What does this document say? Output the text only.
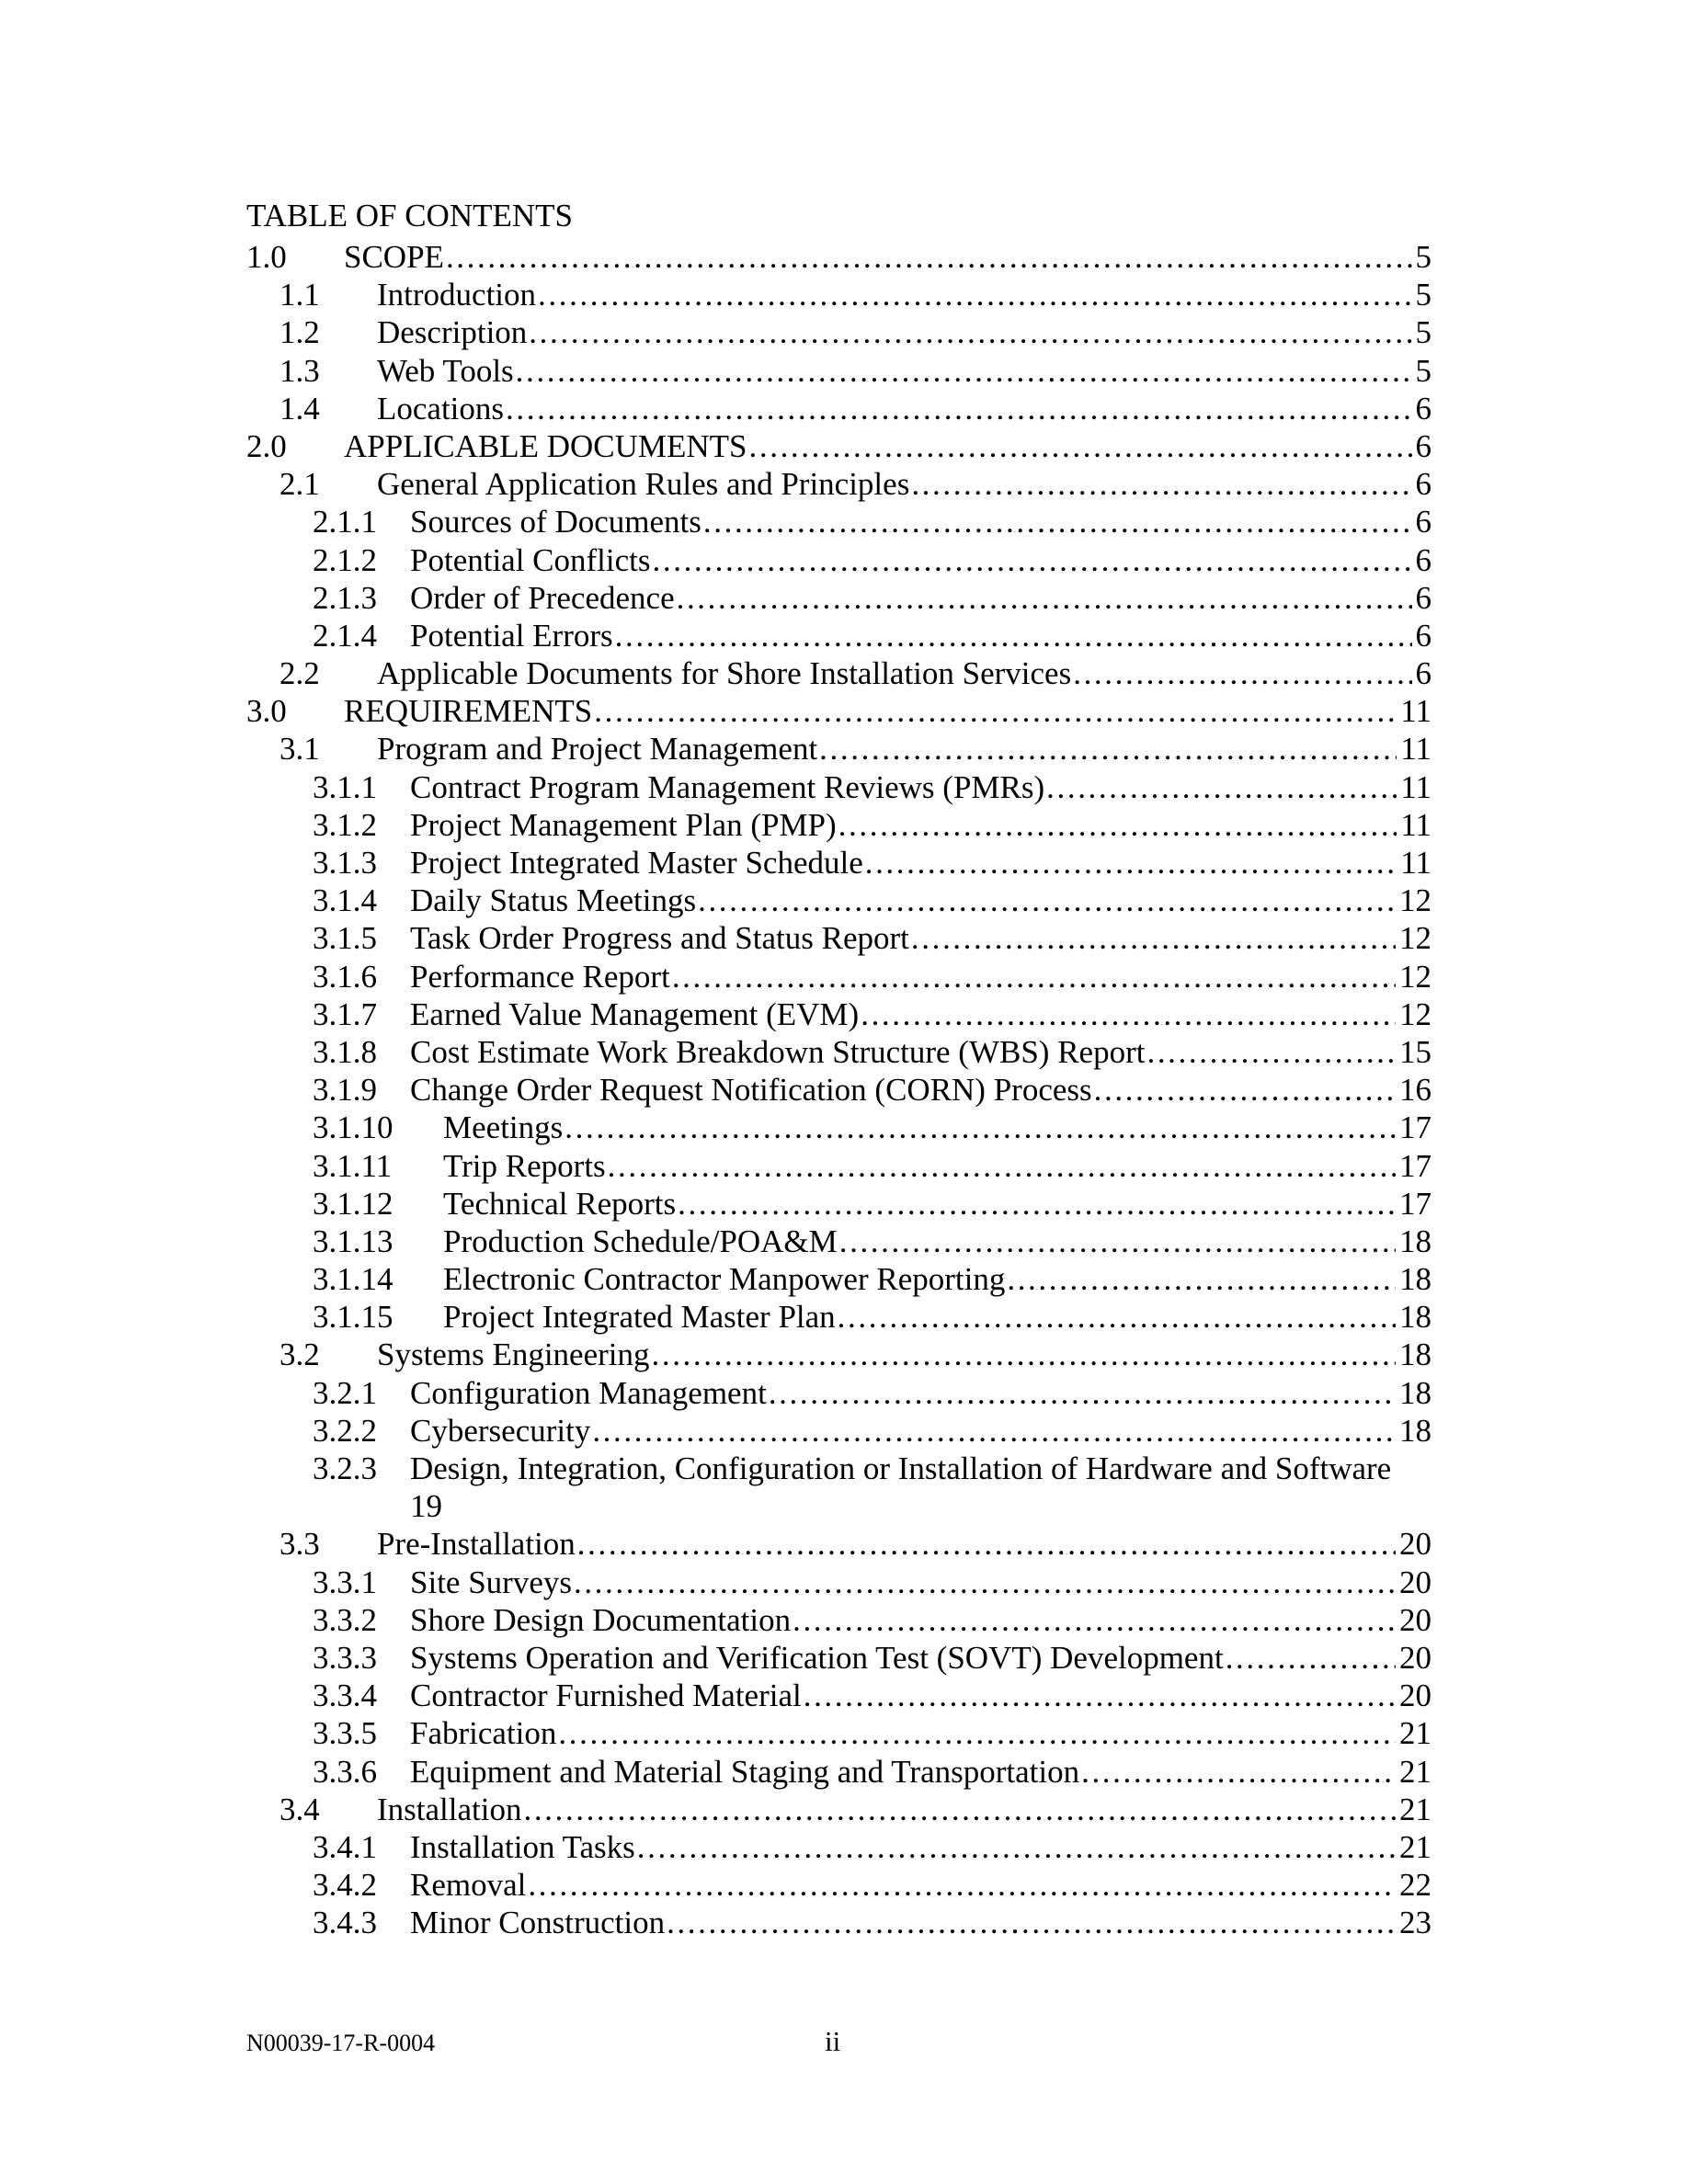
TABLE OF CONTENTS
1.0 SCOPE .....	5
1.1 Introduction .....	5
1.2 Description .....	5
1.3 Web Tools .....	5
1.4 Locations .....	6
2.0 APPLICABLE DOCUMENTS .....	6
2.1 General Application Rules and Principles .....	6
2.1.1 Sources of Documents .....	6
2.1.2 Potential Conflicts .....	6
2.1.3 Order of Precedence .....	6
2.1.4 Potential Errors .....	6
2.2 Applicable Documents for Shore Installation Services .....	6
3.0 REQUIREMENTS .....	11
3.1 Program and Project Management .....	11
3.1.1 Contract Program Management Reviews (PMRs) .....	11
3.1.2 Project Management Plan (PMP) .....	11
3.1.3 Project Integrated Master Schedule .....	11
3.1.4 Daily Status Meetings .....	12
3.1.5 Task Order Progress and Status Report .....	12
3.1.6 Performance Report .....	12
3.1.7 Earned Value Management (EVM) .....	12
3.1.8 Cost Estimate Work Breakdown Structure (WBS) Report .....	15
3.1.9 Change Order Request Notification (CORN) Process .....	16
3.1.10 Meetings .....	17
3.1.11 Trip Reports .....	17
3.1.12 Technical Reports .....	17
3.1.13 Production Schedule/POA&M .....	18
3.1.14 Electronic Contractor Manpower Reporting .....	18
3.1.15 Project Integrated Master Plan .....	18
3.2 Systems Engineering .....	18
3.2.1 Configuration Management .....	18
3.2.2 Cybersecurity .....	18
3.2.3 Design, Integration, Configuration or Installation of Hardware and Software
19
3.3 Pre-Installation .....	20
3.3.1 Site Surveys .....	20
3.3.2 Shore Design Documentation .....	20
3.3.3 Systems Operation and Verification Test (SOVT) Development .....	20
3.3.4 Contractor Furnished Material .....	20
3.3.5 Fabrication .....	21
3.3.6 Equipment and Material Staging and Transportation .....	21
3.4 Installation .....	21
3.4.1 Installation Tasks .....	21
3.4.2 Removal .....	22
3.4.3 Minor Construction .....	23
N00039-17-R-0004	ii
